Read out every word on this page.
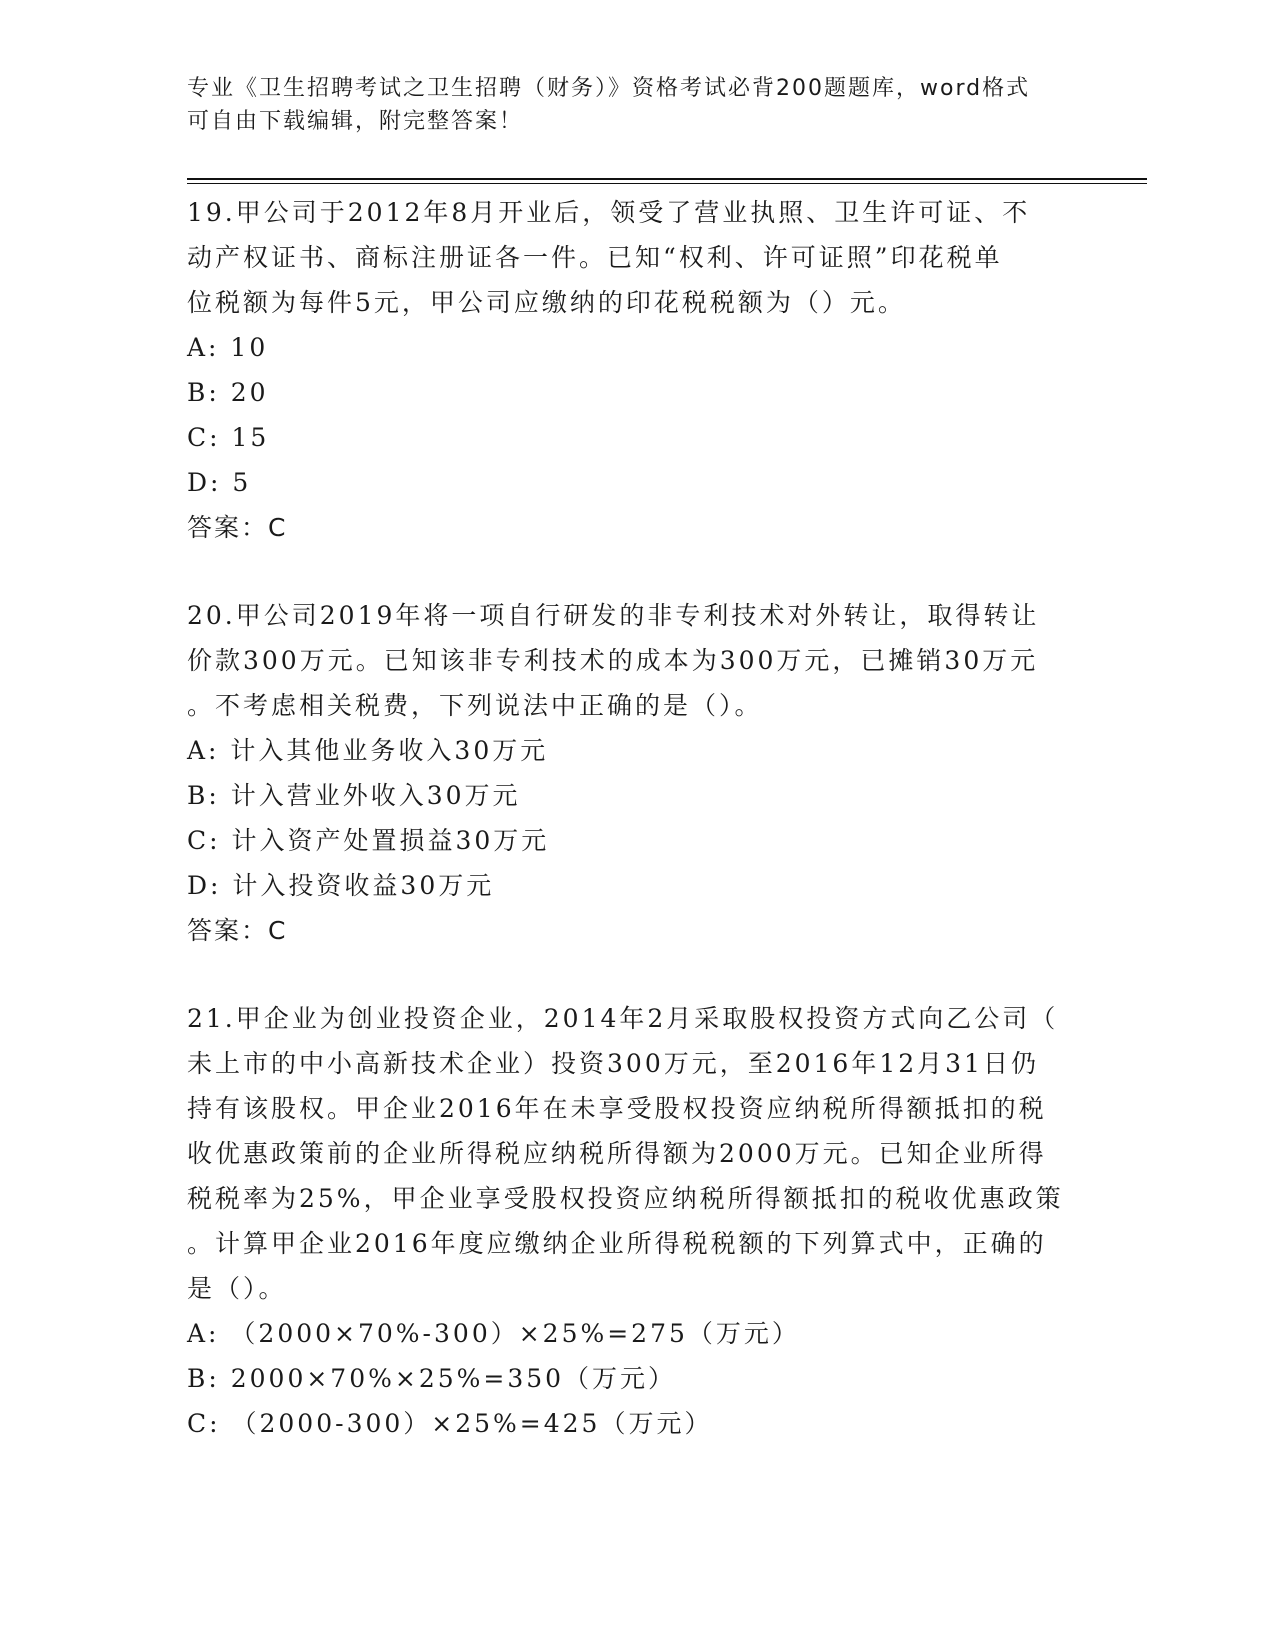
专业《卫生招聘考试之卫生招聘（财务）》资格考试必背200题题库，word格式
可自由下载编辑，附完整答案！

19.甲公司于2012年8月开业后，领受了营业执照、卫生许可证、不

动产权证书、商标注册证各一件。已知“权利、许可证照”印花税单

位税额为每件5元，甲公司应缴纳的印花税税额为（）元。

A: 10

B: 20

C: 15

D: 5

答案：C

20.甲公司2019年将一项自行研发的非专利技术对外转让，取得转让

价款300万元。已知该非专利技术的成本为300万元，已摊销30万元

。不考虑相关税费，下列说法中正确的是（）。

A: 计入其他业务收入30万元

B: 计入营业外收入30万元

C: 计入资产处置损益30万元

D: 计入投资收益30万元

答案：C

21.甲企业为创业投资企业，2014年2月采取股权投资方式向乙公司（

未上市的中小高新技术企业）投资300万元，至2016年12月31日仍

持有该股权。甲企业2016年在未享受股权投资应纳税所得额抵扣的税

收优惠政策前的企业所得税应纳税所得额为2000万元。已知企业所得

税税率为25%，甲企业享受股权投资应纳税所得额抵扣的税收优惠政策

。计算甲企业2016年度应缴纳企业所得税税额的下列算式中，正确的

是（）。

A: （2000×70%-300）×25%=275（万元）

B: 2000×70%×25%=350（万元）

C: （2000-300）×25%=425（万元）
